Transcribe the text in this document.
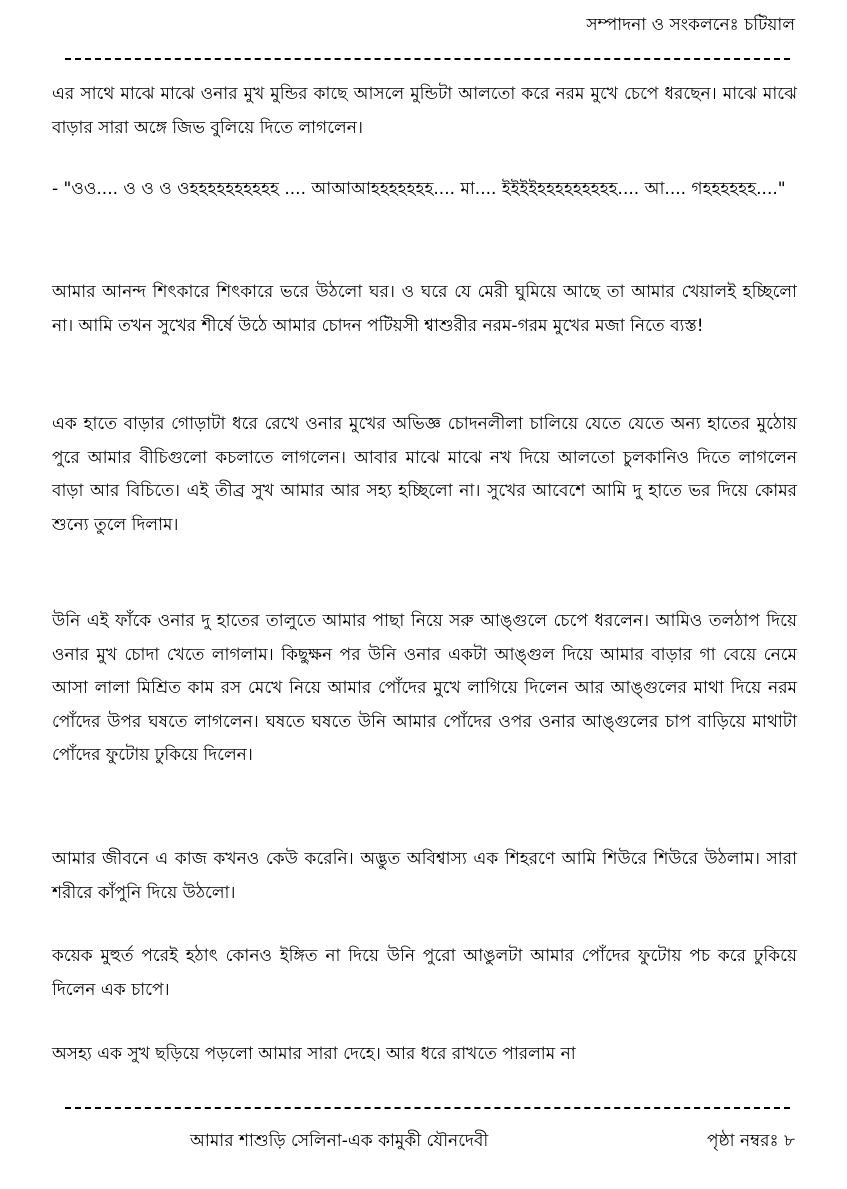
সম্পাদনা ও সংকলনেঃ চটিয়াল
এর সাথে মাঝে মাঝে ওনার মুখ মুন্ডির কাছে আসলে মুন্ডিটা আলতো করে নরম মুখে চেপে ধরছেন। মাঝে মাঝে বাড়ার সারা অঙ্গে জিভ বুলিয়ে দিতে লাগলেন।
- "ওও.... ও ও ও ওহহহহহহহহহহ .... আআআহহহহহহহ.... মা.... ইইইইহহহহহহহহহ.... আ.... গহহহহহহ...."
আমার আনন্দ শিৎকারে শিৎকারে ভরে উঠলো ঘর। ও ঘরে যে মেরী ঘুমিয়ে আছে তা আমার খেয়ালই হচ্ছিলো না। আমি তখন সুখের শীর্ষে উঠে আমার চোদন পটিয়সী শ্বাশুরীর নরম-গরম মুখের মজা নিতে ব্যস্ত!
এক হাতে বাড়ার গোড়াটা ধরে রেখে ওনার মুখের অভিজ্ঞ চোদনলীলা চালিয়ে যেতে যেতে অন্য হাতের মুঠোয় পুরে আমার বীচিগুলো কচলাতে লাগলেন। আবার মাঝে মাঝে নখ দিয়ে আলতো চুলকানিও দিতে লাগলেন বাড়া আর বিচিতে। এই তীব্র সুখ আমার আর সহ্য হচ্ছিলো না। সুখের আবেশে আমি দু হাতে ভর দিয়ে কোমর শুন্যে তুলে দিলাম।
উনি এই ফাঁকে ওনার দু হাতের তালুতে আমার পাছা নিয়ে সরু আঙ্গুলে চেপে ধরলেন। আমিও তলঠাপ দিয়ে ওনার মুখ চোদা খেতে লাগলাম। কিছুক্ষন পর উনি ওনার একটা আঙ্গুল দিয়ে আমার বাড়ার গা বেয়ে নেমে আসা লালা মিশ্রিত কাম রস মেখে নিয়ে আমার পোঁদের মুখে লাগিয়ে দিলেন আর আঙ্গুলের মাথা দিয়ে নরম পোঁদের উপর ঘষতে লাগলেন। ঘষতে ঘষতে উনি আমার পোঁদের ওপর ওনার আঙ্গুলের চাপ বাড়িয়ে মাথাটা পোঁদের ফুটোয় ঢুকিয়ে দিলেন।
আমার জীবনে এ কাজ কখনও কেউ করেনি। অদ্ভুত অবিশ্বাস্য এক শিহরণে আমি শিউরে শিউরে উঠলাম। সারা শরীরে কাঁপুনি দিয়ে উঠলো।
কয়েক মুহুর্ত পরেই হঠাৎ কোনও ইঙ্গিত না দিয়ে উনি পুরো আঙুলটা আমার পোঁদের ফুটোয় পচ করে ঢুকিয়ে দিলেন এক চাপে।
অসহ্য এক সুখ ছড়িয়ে পড়লো আমার সারা দেহে। আর ধরে রাখতে পারলাম না
আমার শাশুড়ি সেলিনা-এক কামুকী যৌনদেবী	পৃষ্ঠা নম্বরঃ ৮
